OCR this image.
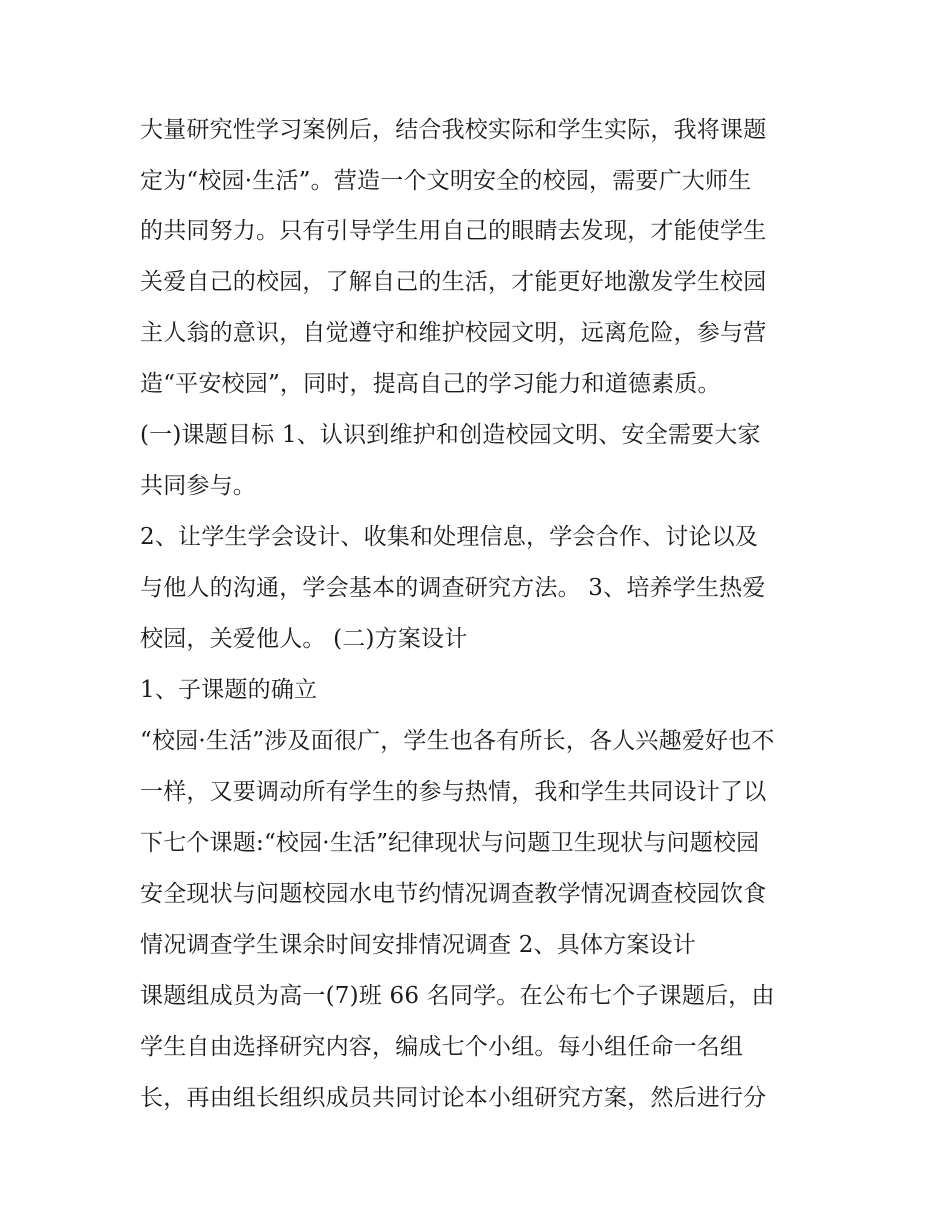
大量研究性学习案例后，结合我校实际和学生实际，我将课题
定为“校园·生活”。营造一个文明安全的校园，需要广大师生
的共同努力。只有引导学生用自己的眼睛去发现，才能使学生
关爱自己的校园，了解自己的生活，才能更好地激发学生校园
主人翁的意识，自觉遵守和维护校园文明，远离危险，参与营
造“平安校园”，同时，提高自己的学习能力和道德素质。
(一)课题目标 1、认识到维护和创造校园文明、安全需要大家
共同参与。
2、让学生学会设计、收集和处理信息，学会合作、讨论以及
与他人的沟通，学会基本的调查研究方法。 3、培养学生热爱
校园，关爱他人。 (二)方案设计
1、子课题的确立
“校园·生活”涉及面很广，学生也各有所长，各人兴趣爱好也不
一样，又要调动所有学生的参与热情，我和学生共同设计了以
下七个课题:“校园·生活”纪律现状与问题卫生现状与问题校园
安全现状与问题校园水电节约情况调查教学情况调查校园饮食
情况调查学生课余时间安排情况调查 2、具体方案设计
课题组成员为高一(7)班 66 名同学。在公布七个子课题后，由
学生自由选择研究内容，编成七个小组。每小组任命一名组
长，再由组长组织成员共同讨论本小组研究方案，然后进行分
